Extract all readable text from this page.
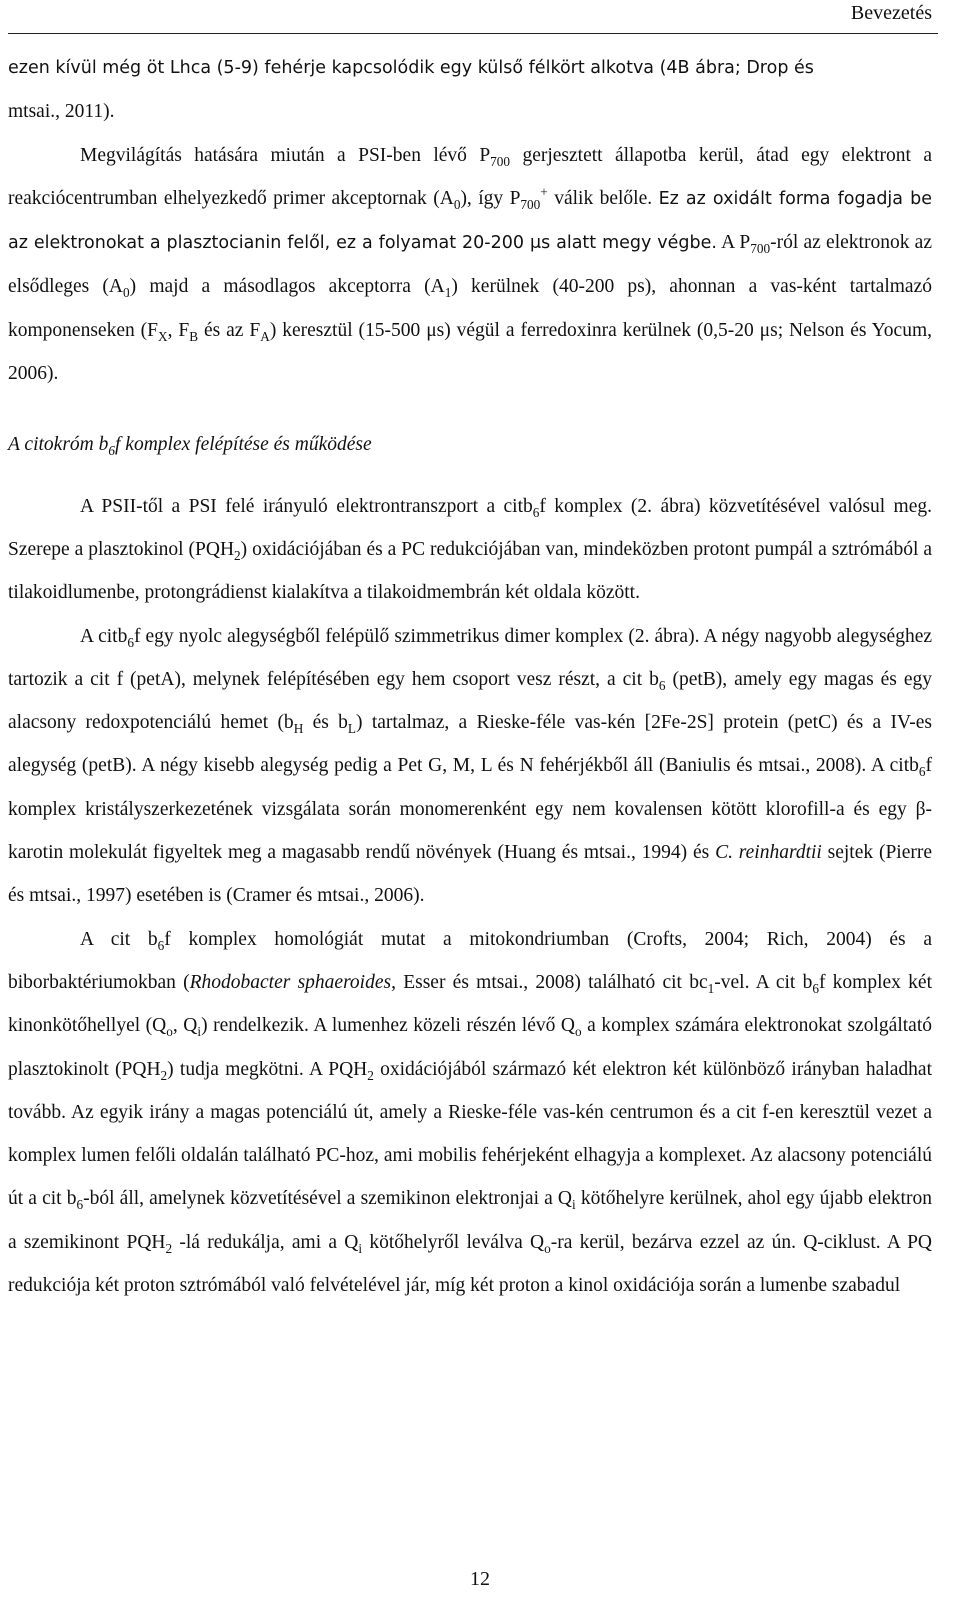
Bevezetés

ezen kívül még öt Lhca (5-9) fehérje kapcsolódik egy külső félkört alkotva (4B ábra; Drop és
mtsai., 2011).

Megvilágítás hatására miután a PSI-ben lévő $P_{700}$ gerjesztett állapotba kerül, átad egy elektront a reakciócentrumban elhelyezkedő primer akceptornak $(A_0)$, így $P_{700}^+$ válik belőle. Ez az oxidált forma fogadja be az elektronokat a plasztocianin felől, ez a folyamat 20-200 μs alatt megy végbe. A $P_{700}$-ról az elektronok az elsődleges $(A_0)$ majd a másodlagos akceptorra $(A_1)$ kerülnek (40-200 ps), ahonnan a vas-ként tartalmazó komponenseken ($F_X$, $F_B$ és az $F_A$) keresztül (15-500 μs) végül a ferredoxinra kerülnek (0,5-20 μs; Nelson és Yocum, 2006).

A citokróm $b_6f$ komplex felépítése és működése

A PSII-től a PSI felé irányuló elektrontranszport a citb$_6$f komplex (2. ábra) közvetítésével valósul meg. Szerepe a plasztokinol $(PQH_2)$ oxidációjában és a PC redukciójában van, mindeközben protont pumpál a sztrómából a tilakoidlumenbe, protongrádienst kialakítva a tilakoidmembrán két oldala között.

A citb$_6$f egy nyolc alegységből felépülő szimmetrikus dimer komplex (2. ábra). A négy nagyobb alegységhez tartozik a cit f (petA), melynek felépítésében egy hem csoport vesz részt, a cit $b_6$ (petB), amely egy magas és egy alacsony redoxpotenciálú hemet ($b_H$ és $b_L$) tartalmaz, a Rieske-féle vas-kén [2Fe-2S] protein (petC) és a IV-es alegység (petB). A négy kisebb alegység pedig a Pet G, M, L és N fehérjékből áll (Baniulis és mtsai., 2008). A citb$_6$f komplex kristályszerkezetének vizsgálata során monomerenként egy nem kovalensen kötött klorofill-a és egy β-karotin molekulát figyeltek meg a magasabb rendű növények (Huang és mtsai., 1994) és C. reinhardtii sejtek (Pierre és mtsai., 1997) esetében is (Cramer és mtsai., 2006).

A cit $b_6f$ komplex homológiát mutat a mitokondriumban (Crofts, 2004; Rich, 2004) és a biborbaktériumokban (Rhodobacter sphaeroides, Esser és mtsai., 2008) található cit $bc_1$-vel. A cit $b_6f$ komplex két kinonkötőhellyel ($Q_o$, $Q_i$) rendelkezik. A lumenhez közeli részén lévő $Q_o$ a komplex számára elektronokat szolgáltató plasztokinolt $(PQH_2)$ tudja megkötni. A $PQH_2$ oxidációjából származó két elektron két különböző irányban haladhat tovább. Az egyik irány a magas potenciálú út, amely a Rieske-féle vas-kén centrumon és a cit f-en keresztül vezet a komplex lumen felőli oldalán található PC-hoz, ami mobilis fehérjeként elhagyja a komplexet. Az alacsony potenciálú út a cit $b_6$-ból áll, amelynek közvetítésével a szemikinon elektronjai a $Q_i$ kötőhelyre kerülnek, ahol egy újabb elektron a szemikinont $PQH_2$ -lá redukálja, ami a $Q_i$ kötőhelyről leválva $Q_o-ra$ kerül, bezárva ezzel az ún. Q-ciklust. A PQ redukciója két proton sztrómából való felvételével jár, míg két proton a kinol oxidációja során a lumenbe szabadul

12
